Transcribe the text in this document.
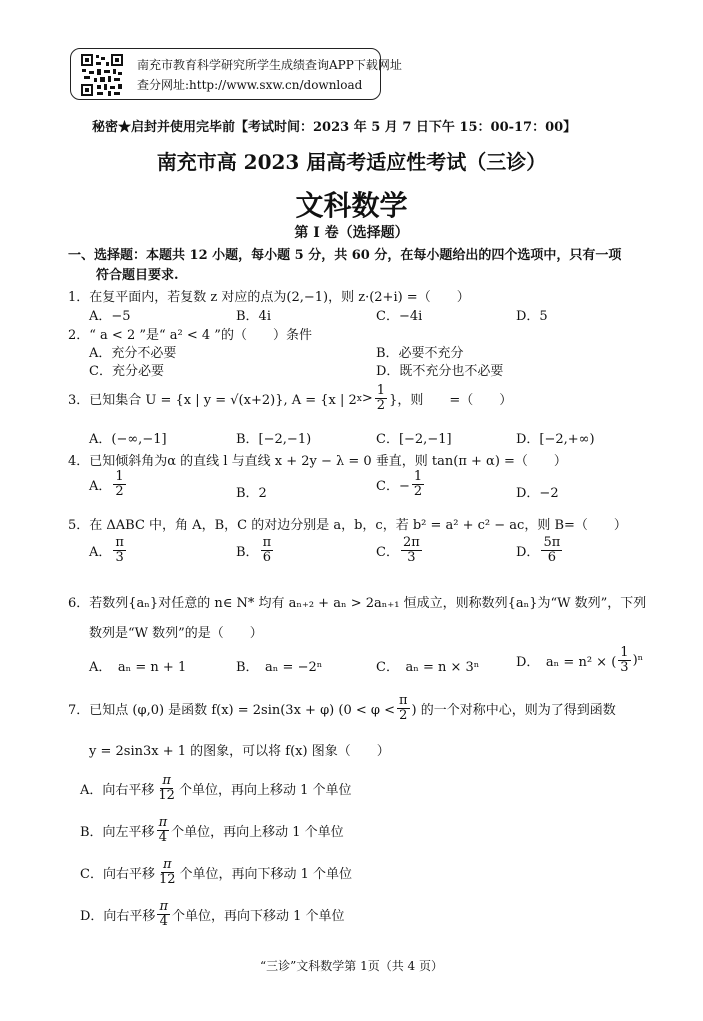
南充市教育科学研究所学生成绩查询APP下载网址
查分网址:http://www.sxw.cn/download
秘密★启封并使用完毕前【考试时间：2023 年 5 月 7 日下午 15：00-17：00】
南充市高 2023 届高考适应性考试（三诊）
文科数学
第 I 卷（选择题）
一、选择题：本题共 12 小题，每小题 5 分，共 60 分，在每小题给出的四个选项中，只有一项
符合题目要求.
1．在复平面内，若复数 z 对应的点为(2,−1)，则 z·(2+i) =（　　）
A．−5	B．4i	C．−4i	D．5
2．“ a < 2 ”是“ a² < 4 ”的（　　）条件
A．充分不必要	B．必要不充分
C．充分必要	D．既不充分也不必要
3．已知集合 U = {x | y = √(x+2)}, A = {x | 2 $x > \frac{1}{2}$ }，则　　=（　　）
A．(−∞,−1]	B．[−2,−1)	C．[−2,−1]	D．[−2,+∞)
4．已知倾斜角为α 的直线 l 与直线 x + 2y − λ = 0 垂直，则 tan(π + α) =（　　）
A． $\frac{1}{2}$	B．2	C．− $\frac{1}{2}$	D．−2
5．在 ΔABC 中，角 A，B，C 的对边分别是 a，b，c，若 b² = a² + c² − ac，则 B=（　　）
A． $\frac{\pi}{3}$	B． $\frac{\pi}{6}$	C． $\frac{2\pi}{3}$	D． $\frac{5\pi}{6}$
6．若数列{aₙ}对任意的 n∈ N* 均有 aₙ₊₂ + aₙ > 2aₙ₊₁ 恒成立，则称数列{aₙ}为“W 数列”，下列
数列是“W 数列”的是（　　）
A．　aₙ = n + 1	B．　aₙ = −2ⁿ	C．　aₙ = n × 3ⁿ	D．　aₙ = n² × ( $\frac{1}{3} )^n$
7．已知点 (φ,0) 是函数 f(x) = 2sin(3x + φ) ($0 < \varphi < \frac{\pi}{2}$ ) 的一个对称中心，则为了得到函数
y = 2sin3x + 1 的图象，可以将 f(x) 图象（　　）
A．向右平移 $\frac{\pi}{12}$ 个单位，再向上移动 1 个单位
B．向左平移 $\frac{\pi}{4}$ 个单位，再向上移动 1 个单位
C．向右平移 $\frac{\pi}{12}$ 个单位，再向下移动 1 个单位
D．向右平移 $\frac{\pi}{4}$ 个单位，再向下移动 1 个单位
“三诊”文科数学第 1页（共 4 页）
